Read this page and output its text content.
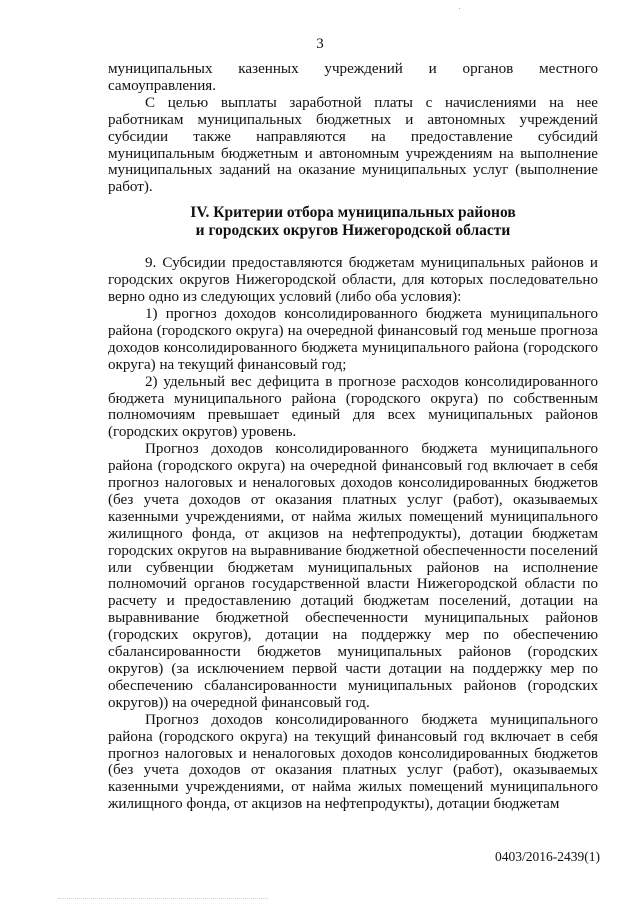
3

муниципальных казенных учреждений и органов местного самоуправления.

С целью выплаты заработной платы с начислениями на нее работникам муниципальных бюджетных и автономных учреждений субсидии также направляются на предоставление субсидий муниципальным бюджетным и автономным учреждениям на выполнение муниципальных заданий на оказание муниципальных услуг (выполнение работ).

IV. Критерии отбора муниципальных районов
и городских округов Нижегородской области

9. Субсидии предоставляются бюджетам муниципальных районов и городских округов Нижегородской области, для которых последовательно верно одно из следующих условий (либо оба условия):

1) прогноз доходов консолидированного бюджета муниципального района (городского округа) на очередной финансовый год меньше прогноза доходов консолидированного бюджета муниципального района (городского округа) на текущий финансовый год;

2) удельный вес дефицита в прогнозе расходов консолидированного бюджета муниципального района (городского округа) по собственным полномочиям превышает единый для всех муниципальных районов (городских округов) уровень.

Прогноз доходов консолидированного бюджета муниципального района (городского округа) на очередной финансовый год включает в себя прогноз налоговых и неналоговых доходов консолидированных бюджетов (без учета доходов от оказания платных услуг (работ), оказываемых казенными учреждениями, от найма жилых помещений муниципального жилищного фонда, от акцизов на нефтепродукты), дотации бюджетам городских округов на выравнивание бюджетной обеспеченности поселений или субвенции бюджетам муниципальных районов на исполнение полномочий органов государственной власти Нижегородской области по расчету и предоставлению дотаций бюджетам поселений, дотации на выравнивание бюджетной обеспеченности муниципальных районов (городских округов), дотации на поддержку мер по обеспечению сбалансированности бюджетов муниципальных районов (городских округов) (за исключением первой части дотации на поддержку мер по обеспечению сбалансированности муниципальных районов (городских округов)) на очередной финансовый год.

Прогноз доходов консолидированного бюджета муниципального района (городского округа) на текущий финансовый год включает в себя прогноз налоговых и неналоговых доходов консолидированных бюджетов (без учета доходов от оказания платных услуг (работ), оказываемых казенными учреждениями, от найма жилых помещений муниципального жилищного фонда, от акцизов на нефтепродукты), дотации бюджетам

0403/2016-2439(1)
